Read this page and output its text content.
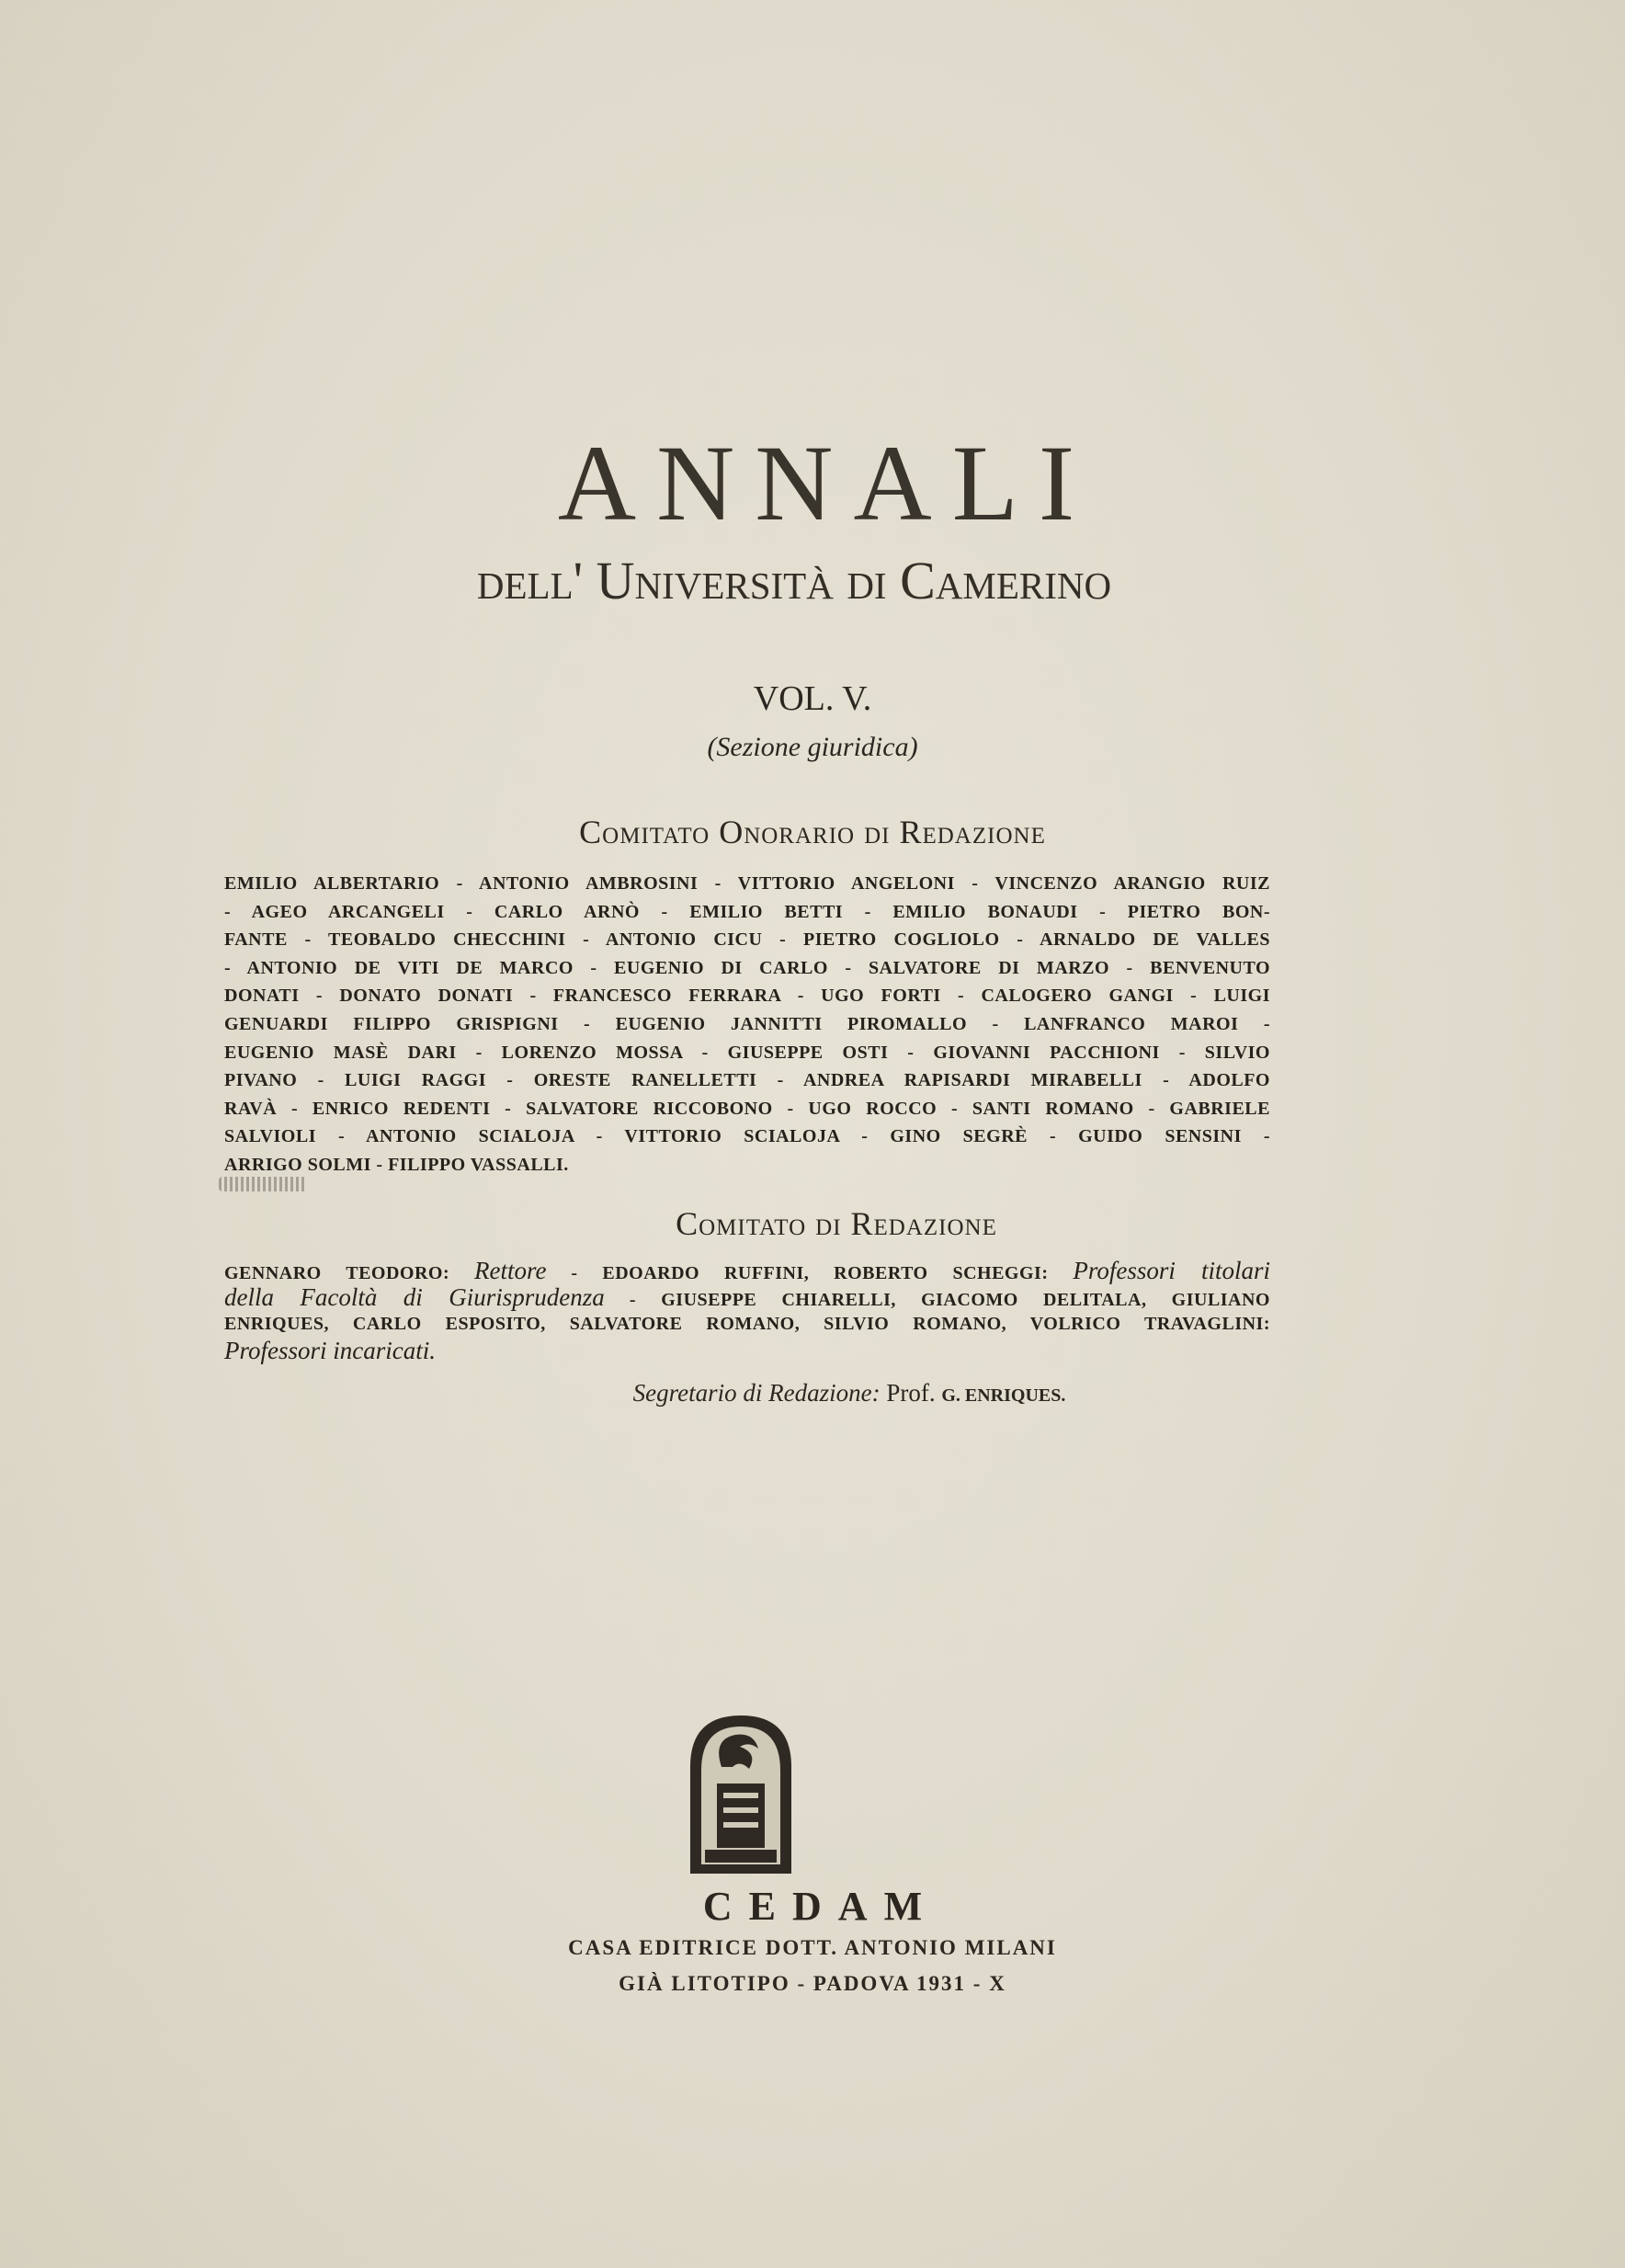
ANNALI
dell' Università di Camerino
VOL. V.
(Sezione giuridica)
Comitato Onorario di Redazione
EMILIO ALBERTARIO - ANTONIO AMBROSINI - VITTORIO ANGELONI - VINCENZO ARANGIO RUIZ
- AGEO ARCANGELI - CARLO ARNÒ - EMILIO BETTI - EMILIO BONAUDI - PIETRO BON-
FANTE - TEOBALDO CHECCHINI - ANTONIO CICU - PIETRO COGLIOLO - ARNALDO DE VALLES
- ANTONIO DE VITI DE MARCO - EUGENIO DI CARLO - SALVATORE DI MARZO - BENVENUTO
DONATI - DONATO DONATI - FRANCESCO FERRARA - UGO FORTI - CALOGERO GANGI - LUIGI
GENUARDI FILIPPO GRISPIGNI - EUGENIO JANNITTI PIROMALLO - LANFRANCO MAROI -
EUGENIO MASÈ DARI - LORENZO MOSSA - GIUSEPPE OSTI - GIOVANNI PACCHIONI - SILVIO
PIVANO - LUIGI RAGGI - ORESTE RANELLETTI - ANDREA RAPISARDI MIRABELLI - ADOLFO
RAVÀ - ENRICO REDENTI - SALVATORE RICCOBONO - UGO ROCCO - SANTI ROMANO - GABRIELE
SALVIOLI - ANTONIO SCIALOJA - VITTORIO SCIALOJA - GINO SEGRÈ - GUIDO SENSINI -
ARRIGO SOLMI - FILIPPO VASSALLI.
Comitato di Redazione
GENNARO TEODORO: Rettore - EDOARDO RUFFINI, ROBERTO SCHEGGI: Professori titolari
della Facoltà di Giurisprudenza - GIUSEPPE CHIARELLI, GIACOMO DELITALA, GIULIANO
ENRIQUES, CARLO ESPOSITO, SALVATORE ROMANO, SILVIO ROMANO, VOLRICO TRAVAGLINI:
Professori incaricati.
Segretario di Redazione: Prof. G. ENRIQUES.
CEDAM
CASA EDITRICE DOTT. ANTONIO MILANI
GIÀ LITOTIPO - PADOVA 1931 - X
